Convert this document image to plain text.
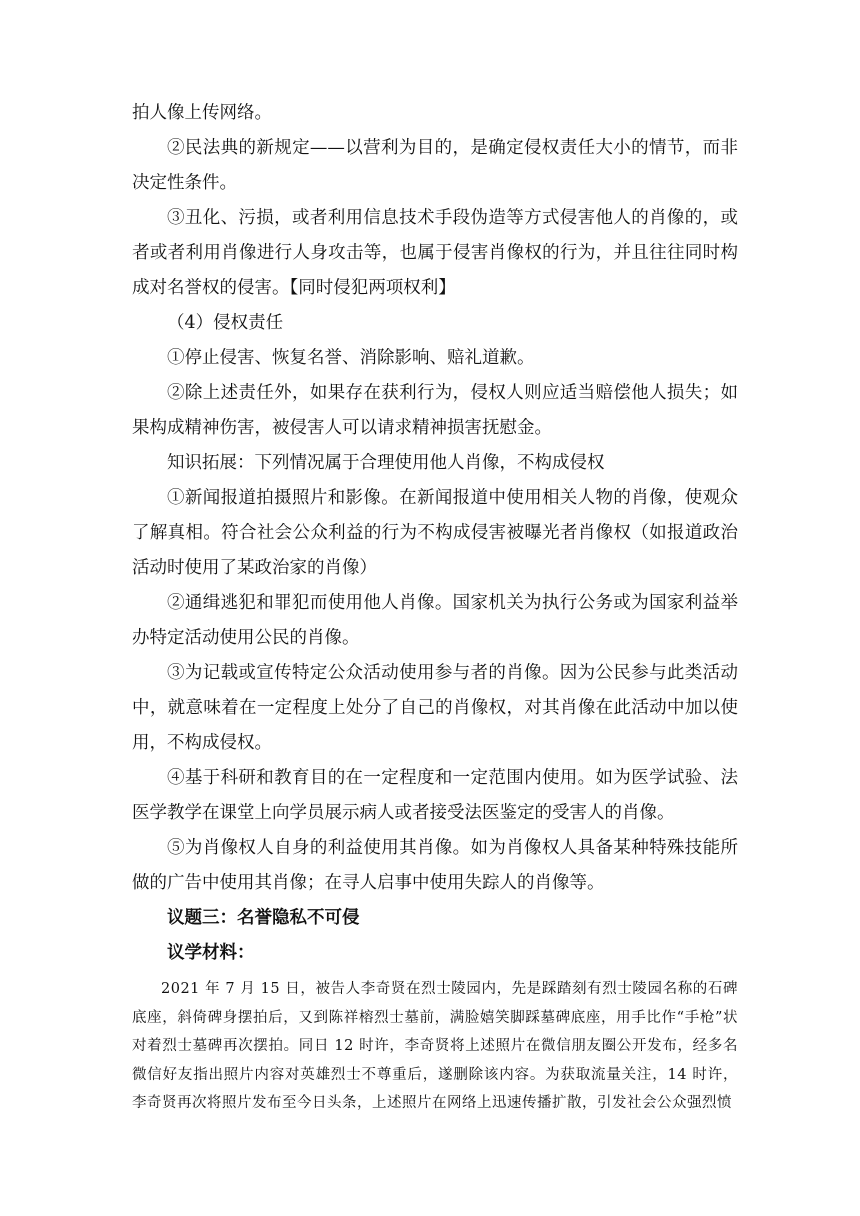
拍人像上传网络。

②民法典的新规定——以营利为目的，是确定侵权责任大小的情节，而非决定性条件。

③丑化、污损，或者利用信息技术手段伪造等方式侵害他人的肖像的，或者或者利用肖像进行人身攻击等，也属于侵害肖像权的行为，并且往往同时构成对名誉权的侵害。【同时侵犯两项权利】

（4）侵权责任

①停止侵害、恢复名誉、消除影响、赔礼道歉。

②除上述责任外，如果存在获利行为，侵权人则应适当赔偿他人损失；如果构成精神伤害，被侵害人可以请求精神损害抚慰金。

知识拓展：下列情况属于合理使用他人肖像，不构成侵权

①新闻报道拍摄照片和影像。在新闻报道中使用相关人物的肖像，使观众了解真相。符合社会公众利益的行为不构成侵害被曝光者肖像权（如报道政治活动时使用了某政治家的肖像）

②通缉逃犯和罪犯而使用他人肖像。国家机关为执行公务或为国家利益举办特定活动使用公民的肖像。

③为记载或宣传特定公众活动使用参与者的肖像。因为公民参与此类活动中，就意味着在一定程度上处分了自己的肖像权，对其肖像在此活动中加以使用，不构成侵权。

④基于科研和教育目的在一定程度和一定范围内使用。如为医学试验、法医学教学在课堂上向学员展示病人或者接受法医鉴定的受害人的肖像。

⑤为肖像权人自身的利益使用其肖像。如为肖像权人具备某种特殊技能所做的广告中使用其肖像；在寻人启事中使用失踪人的肖像等。

议题三：名誉隐私不可侵

议学材料：

2021 年 7 月 15 日，被告人李奇贤在烈士陵园内，先是踩踏刻有烈士陵园名称的石碑底座，斜倚碑身摆拍后，又到陈祥榕烈士墓前，满脸嬉笑脚踩墓碑底座，用手比作“手枪”状对着烈士墓碑再次摆拍。同日 12 时许，李奇贤将上述照片在微信朋友圈公开发布，经多名微信好友指出照片内容对英雄烈士不尊重后，遂删除该内容。为获取流量关注，14 时许，李奇贤再次将照片发布至今日头条，上述照片在网络上迅速传播扩散，引发社会公众强烈愤
